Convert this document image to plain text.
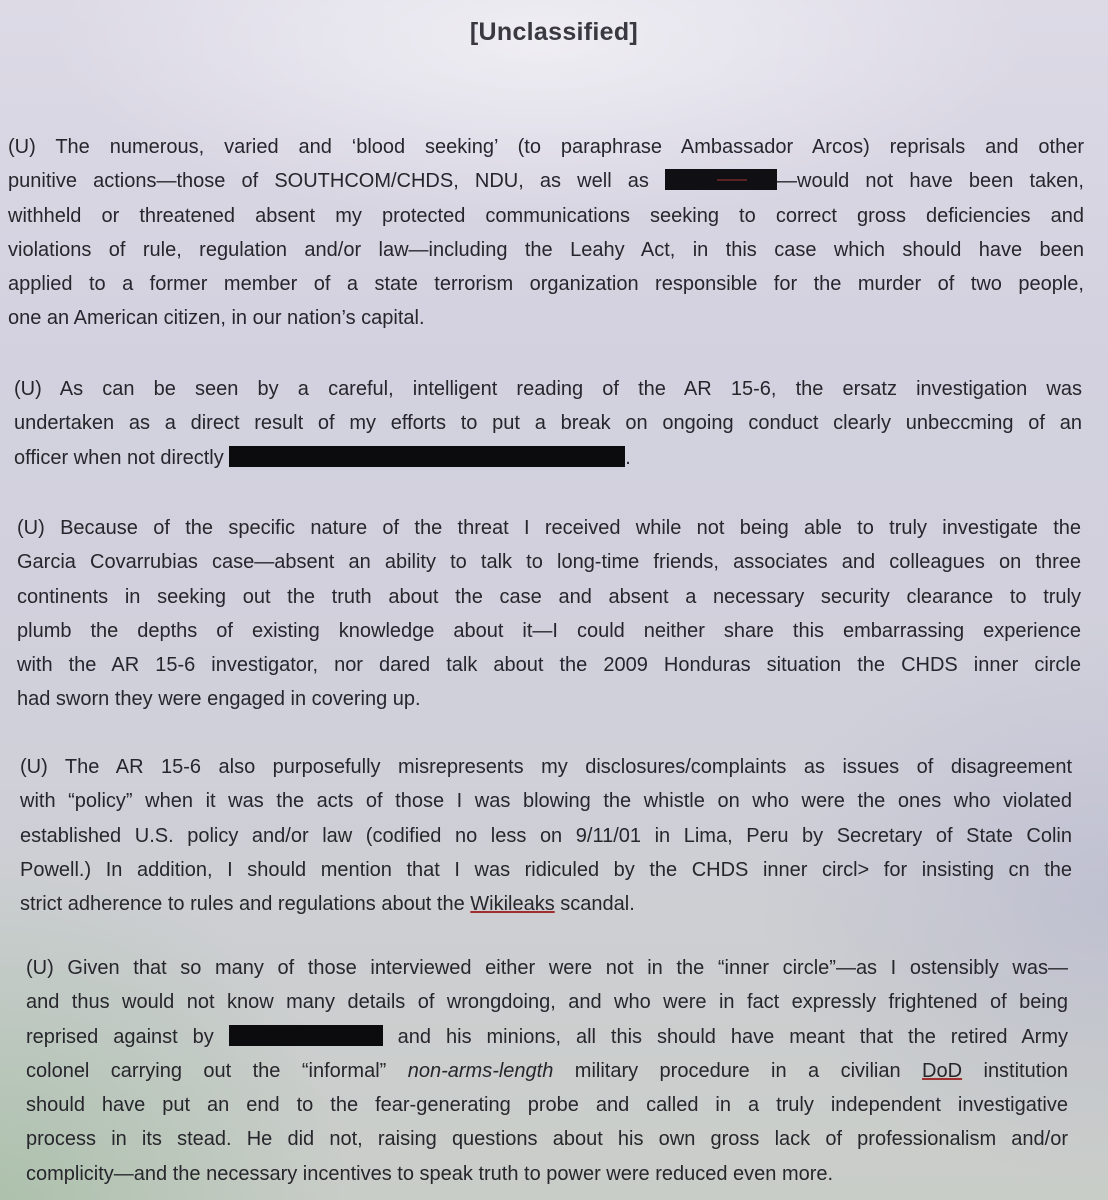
[Unclassified]
(U) The numerous, varied and ‘blood seeking’ (to paraphrase Ambassador Arcos) reprisals and other
punitive actions—those of SOUTHCOM/CHDS, NDU, as well as	—would not have been taken,
withheld or threatened absent my protected communications seeking to correct gross deficiencies and
violations of rule, regulation and/or law—including the Leahy Act, in this case which should have been
applied to a former member of a state terrorism organization responsible for the murder of two people,
one an American citizen, in our nation’s capital.
(U) As can be seen by a careful, intelligent reading of the AR 15-6, the ersatz investigation was
undertaken as a direct result of my efforts to put a break on ongoing conduct clearly unbeccming of an
officer when not directly	.
(U) Because of the specific nature of the threat I received while not being able to truly investigate the
Garcia Covarrubias case—absent an ability to talk to long-time friends, associates and colleagues on three
continents in seeking out the truth about the case and absent a necessary security clearance to truly
plumb the depths of existing knowledge about it—I could neither share this embarrassing experience
with the AR 15-6 investigator, nor dared talk about the 2009 Honduras situation the CHDS inner circle
had sworn they were engaged in covering up.
(U) The AR 15-6 also purposefully misrepresents my disclosures/complaints as issues of disagreement
with “policy” when it was the acts of those I was blowing the whistle on who were the ones who violated
established U.S. policy and/or law (codified no less on 9/11/01 in Lima, Peru by Secretary of State Colin
Powell.) In addition, I should mention that I was ridiculed by the CHDS inner circl> for insisting cn the
strict adherence to rules and regulations about the Wikileaks scandal.
(U) Given that so many of those interviewed either were not in the “inner circle”—as I ostensibly was—
and thus would not know many details of wrongdoing, and who were in fact expressly frightened of being
reprised against by	and his minions, all this should have meant that the retired Army
colonel carrying out the “informal” non-arms-length military procedure in a civilian DoD institution
should have put an end to the fear-generating probe and called in a truly independent investigative
process in its stead. He did not, raising questions about his own gross lack of professionalism and/or
complicity—and the necessary incentives to speak truth to power were reduced even more.
